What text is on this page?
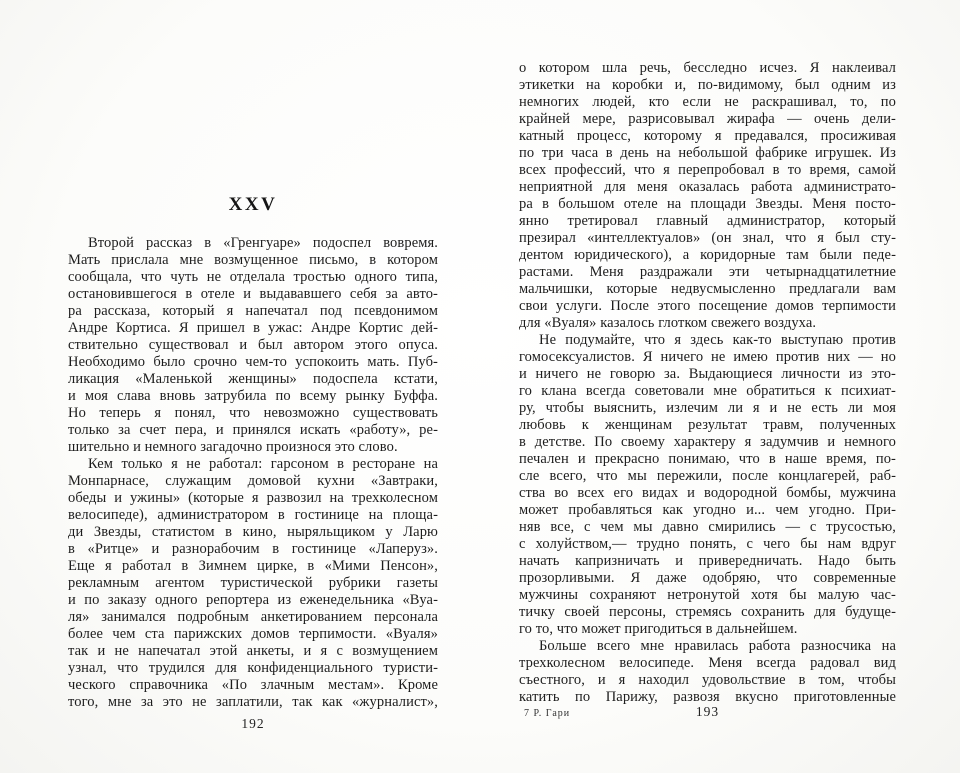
XXV
Второй рассказ в «Гренгуаре» подоспел вовремя.
Мать прислала мне возмущенное письмо, в котором
сообщала, что чуть не отделала тростью одного типа,
остановившегося в отеле и выдававшего себя за авто-
ра рассказа, который я напечатал под псевдонимом
Андре Кортиса. Я пришел в ужас: Андре Кортис дей-
ствительно существовал и был автором этого опуса.
Необходимо было срочно чем-то успокоить мать. Пуб-
ликация «Маленькой женщины» подоспела кстати,
и моя слава вновь затрубила по всему рынку Буффа.
Но теперь я понял, что невозможно существовать
только за счет пера, и принялся искать «работу», ре-
шительно и немного загадочно произнося это слово.
Кем только я не работал: гарсоном в ресторане на
Монпарнасе, служащим домовой кухни «Завтраки,
обеды и ужины» (которые я развозил на трехколесном
велосипеде), администратором в гостинице на площа-
ди Звезды, статистом в кино, ныряльщиком у Ларю
в «Ритце» и разнорабочим в гостинице «Лаперуз».
Еще я работал в Зимнем цирке, в «Мими Пенсон»,
рекламным агентом туристической рубрики газеты
и по заказу одного репортера из еженедельника «Вуа-
ля» занимался подробным анкетированием персонала
более чем ста парижских домов терпимости. «Вуаля»
так и не напечатал этой анкеты, и я с возмущением
узнал, что трудился для конфиденциального туристи-
ческого справочника «По злачным местам». Кроме
того, мне за это не заплатили, так как «журналист»,
192
о котором шла речь, бесследно исчез. Я наклеивал
этикетки на коробки и, по-видимому, был одним из
немногих людей, кто если не раскрашивал, то, по
крайней мере, разрисовывал жирафа — очень дели-
катный процесс, которому я предавался, просиживая
по три часа в день на небольшой фабрике игрушек. Из
всех профессий, что я перепробовал в то время, самой
неприятной для меня оказалась работа администрато-
ра в большом отеле на площади Звезды. Меня посто-
янно третировал главный администратор, который
презирал «интеллектуалов» (он знал, что я был сту-
дентом юридического), а коридорные там были педе-
растами. Меня раздражали эти четырнадцатилетние
мальчишки, которые недвусмысленно предлагали вам
свои услуги. После этого посещение домов терпимости
для «Вуаля» казалось глотком свежего воздуха.
Не подумайте, что я здесь как-то выступаю против
гомосексуалистов. Я ничего не имею против них — но
и ничего не говорю за. Выдающиеся личности из это-
го клана всегда советовали мне обратиться к психиат-
ру, чтобы выяснить, излечим ли я и не есть ли моя
любовь к женщинам результат травм, полученных
в детстве. По своему характеру я задумчив и немного
печален и прекрасно понимаю, что в наше время, по-
сле всего, что мы пережили, после концлагерей, раб-
ства во всех его видах и водородной бомбы, мужчина
может пробавляться как угодно и... чем угодно. При-
няв все, с чем мы давно смирились — с трусостью,
с холуйством,— трудно понять, с чего бы нам вдруг
начать капризничать и привередничать. Надо быть
прозорливыми. Я даже одобряю, что современные
мужчины сохраняют нетронутой хотя бы малую час-
тичку своей персоны, стремясь сохранить для будуще-
го то, что может пригодиться в дальнейшем.
Больше всего мне нравилась работа разносчика на
трехколесном велосипеде. Меня всегда радовал вид
съестного, и я находил удовольствие в том, чтобы
катить по Парижу, развозя вкусно приготовленные
193
7 Р. Гари
